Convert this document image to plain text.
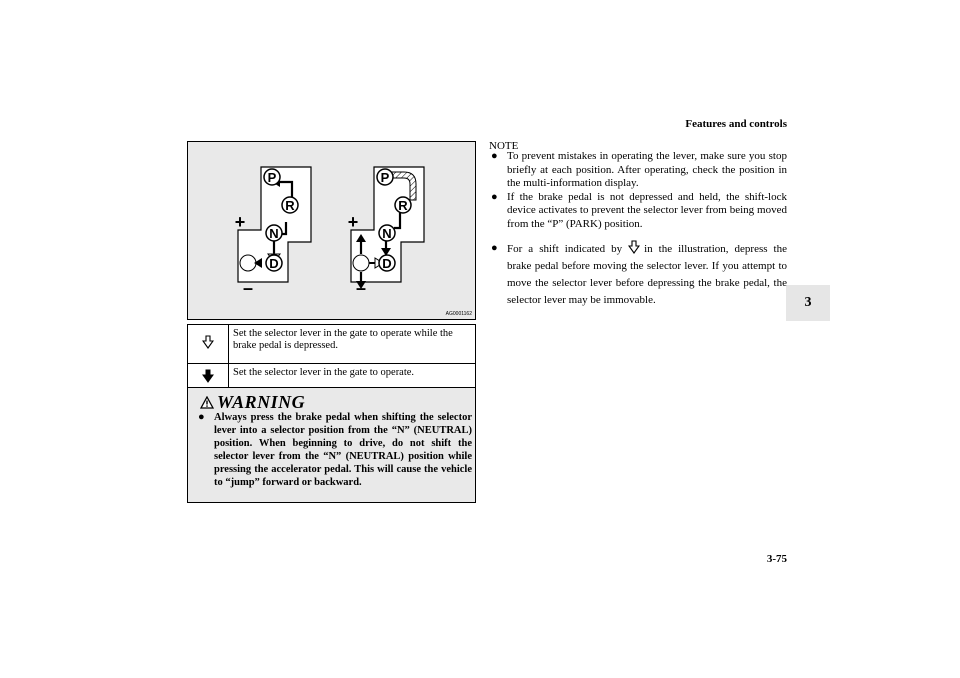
Features and controls
3
P
R
N
D
+
–
P
R
N
D
+
–
AG0001162
	Set the selector lever in the gate to operate while the brake pedal is depressed.
	Set the selector lever in the gate to operate.
WARNING
● Always press the brake pedal when shifting the selector lever into a selector position from the “N” (NEUTRAL) position. When beginning to drive, do not shift the selector lever from the “N” (NEUTRAL) position while pressing the accelerator pedal. This will cause the vehicle to “jump” forward or backward.
NOTE
● To prevent mistakes in operating the lever, make sure you stop briefly at each position. After operating, check the position in the multi-information display.
● If the brake pedal is not depressed and held, the shift-lock device activates to prevent the selector lever from being moved from the “P” (PARK) position.
● For a shift indicated by in the illustration, depress the brake pedal before moving the selector lever. If you attempt to move the selector lever before depressing the brake pedal, the selector lever may be immovable.
3-75
